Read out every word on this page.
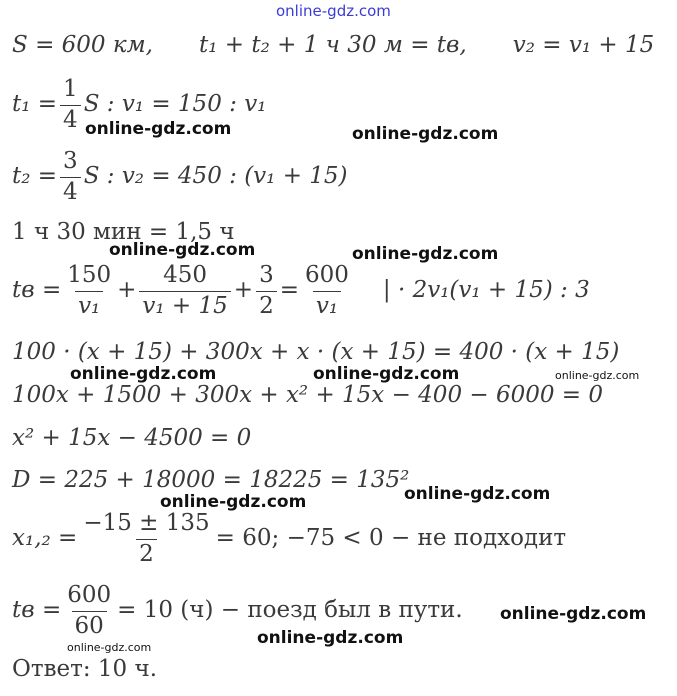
online-gdz.com
S = 600 км, t₁ + t₂ + 1 ч 30 м = tв, v₂ = v₁ + 15
$t_1 = \frac{1}{4}$ S : v₁ = 150 : v₁
$t_2 = \frac{3}{4}$ S : v₂ = 450 : (v₁ + 15)
1 ч 30 мин = 1,5 ч
tв = $\frac{150}{\text{v₁}} + \frac{450}{\text{v₁ + 15}} + \frac{3}{2} = \frac{600}{\text{v₁}}$ | · 2v₁(v₁ + 15) : 3
100 · (x + 15) + 300x + x · (x + 15) = 400 · (x + 15)
100x + 1500 + 300x + x² + 15x − 400 − 6000 = 0
x² + 15x − 4500 = 0
D = 225 + 18000 = 18225 = 135²
$x_1,_2 = \frac{-15 \pm 135}{2} = 60$; −75 < 0 − не подходит
tв = $\frac{600}{60} = 10$ (ч) − поезд был в пути.
Ответ: 10 ч.
online-gdz.com	online-gdz.com
online-gdz.com	online-gdz.com
online-gdz.com	online-gdz.com	online-gdz.com
online-gdz.com	online-gdz.com
online-gdz.com
online-gdz.com
online-gdz.com
